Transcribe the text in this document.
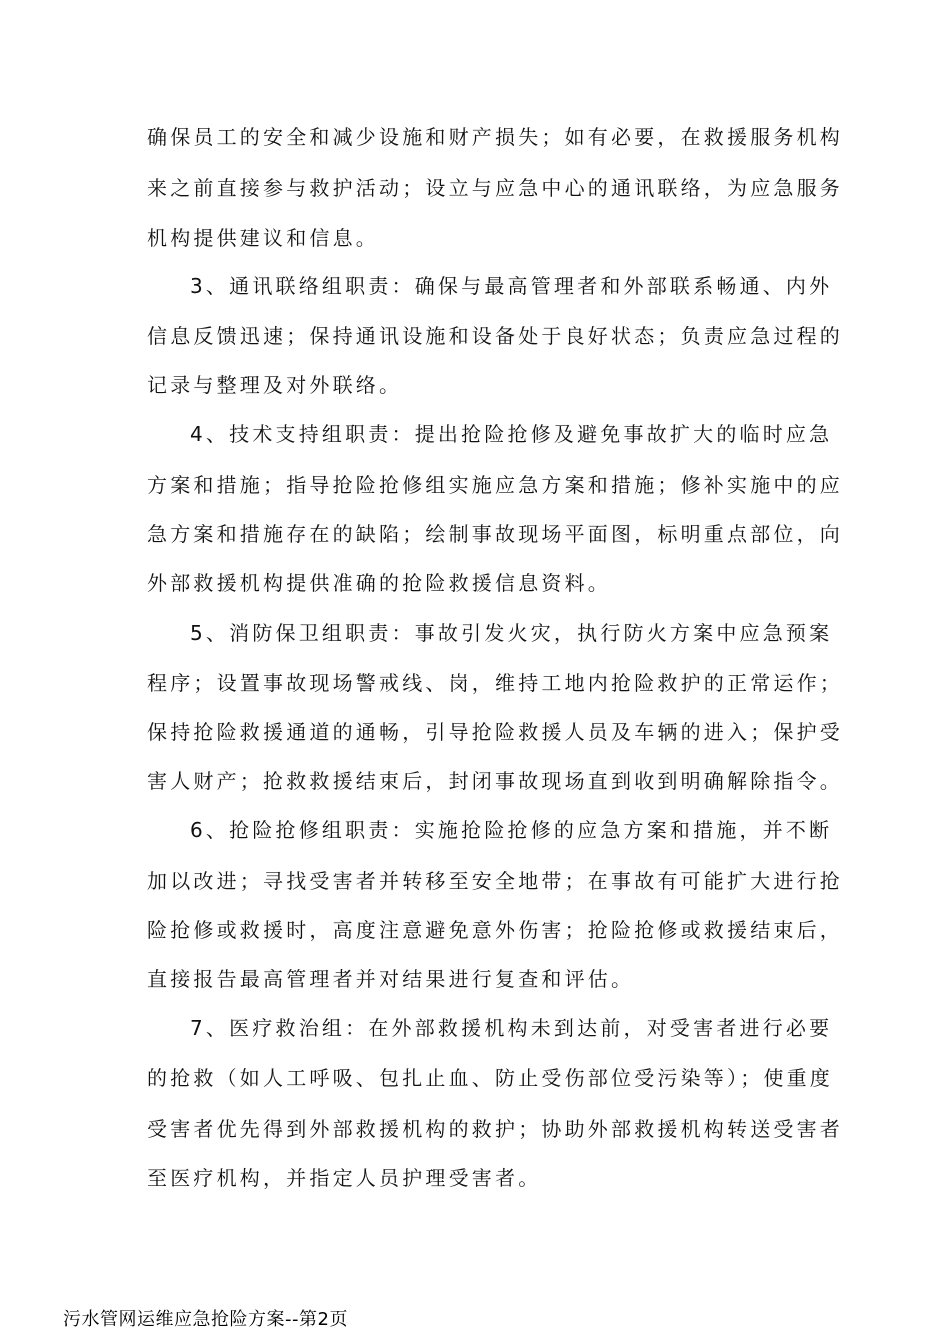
确保员工的安全和减少设施和财产损失；如有必要，在救援服务机构
来之前直接参与救护活动；设立与应急中心的通讯联络，为应急服务
机构提供建议和信息。
3、通讯联络组职责：确保与最高管理者和外部联系畅通、内外
信息反馈迅速；保持通讯设施和设备处于良好状态；负责应急过程的
记录与整理及对外联络。
4、技术支持组职责：提出抢险抢修及避免事故扩大的临时应急
方案和措施；指导抢险抢修组实施应急方案和措施；修补实施中的应
急方案和措施存在的缺陷；绘制事故现场平面图，标明重点部位，向
外部救援机构提供准确的抢险救援信息资料。
5、消防保卫组职责：事故引发火灾，执行防火方案中应急预案
程序；设置事故现场警戒线、岗，维持工地内抢险救护的正常运作；
保持抢险救援通道的通畅，引导抢险救援人员及车辆的进入；保护受
害人财产；抢救救援结束后，封闭事故现场直到收到明确解除指令。
6、抢险抢修组职责：实施抢险抢修的应急方案和措施，并不断
加以改进；寻找受害者并转移至安全地带；在事故有可能扩大进行抢
险抢修或救援时，高度注意避免意外伤害；抢险抢修或救援结束后，
直接报告最高管理者并对结果进行复查和评估。
7、医疗救治组：在外部救援机构未到达前，对受害者进行必要
的抢救（如人工呼吸、包扎止血、防止受伤部位受污染等）；使重度
受害者优先得到外部救援机构的救护；协助外部救援机构转送受害者
至医疗机构，并指定人员护理受害者。
污水管网运维应急抢险方案--第2页
